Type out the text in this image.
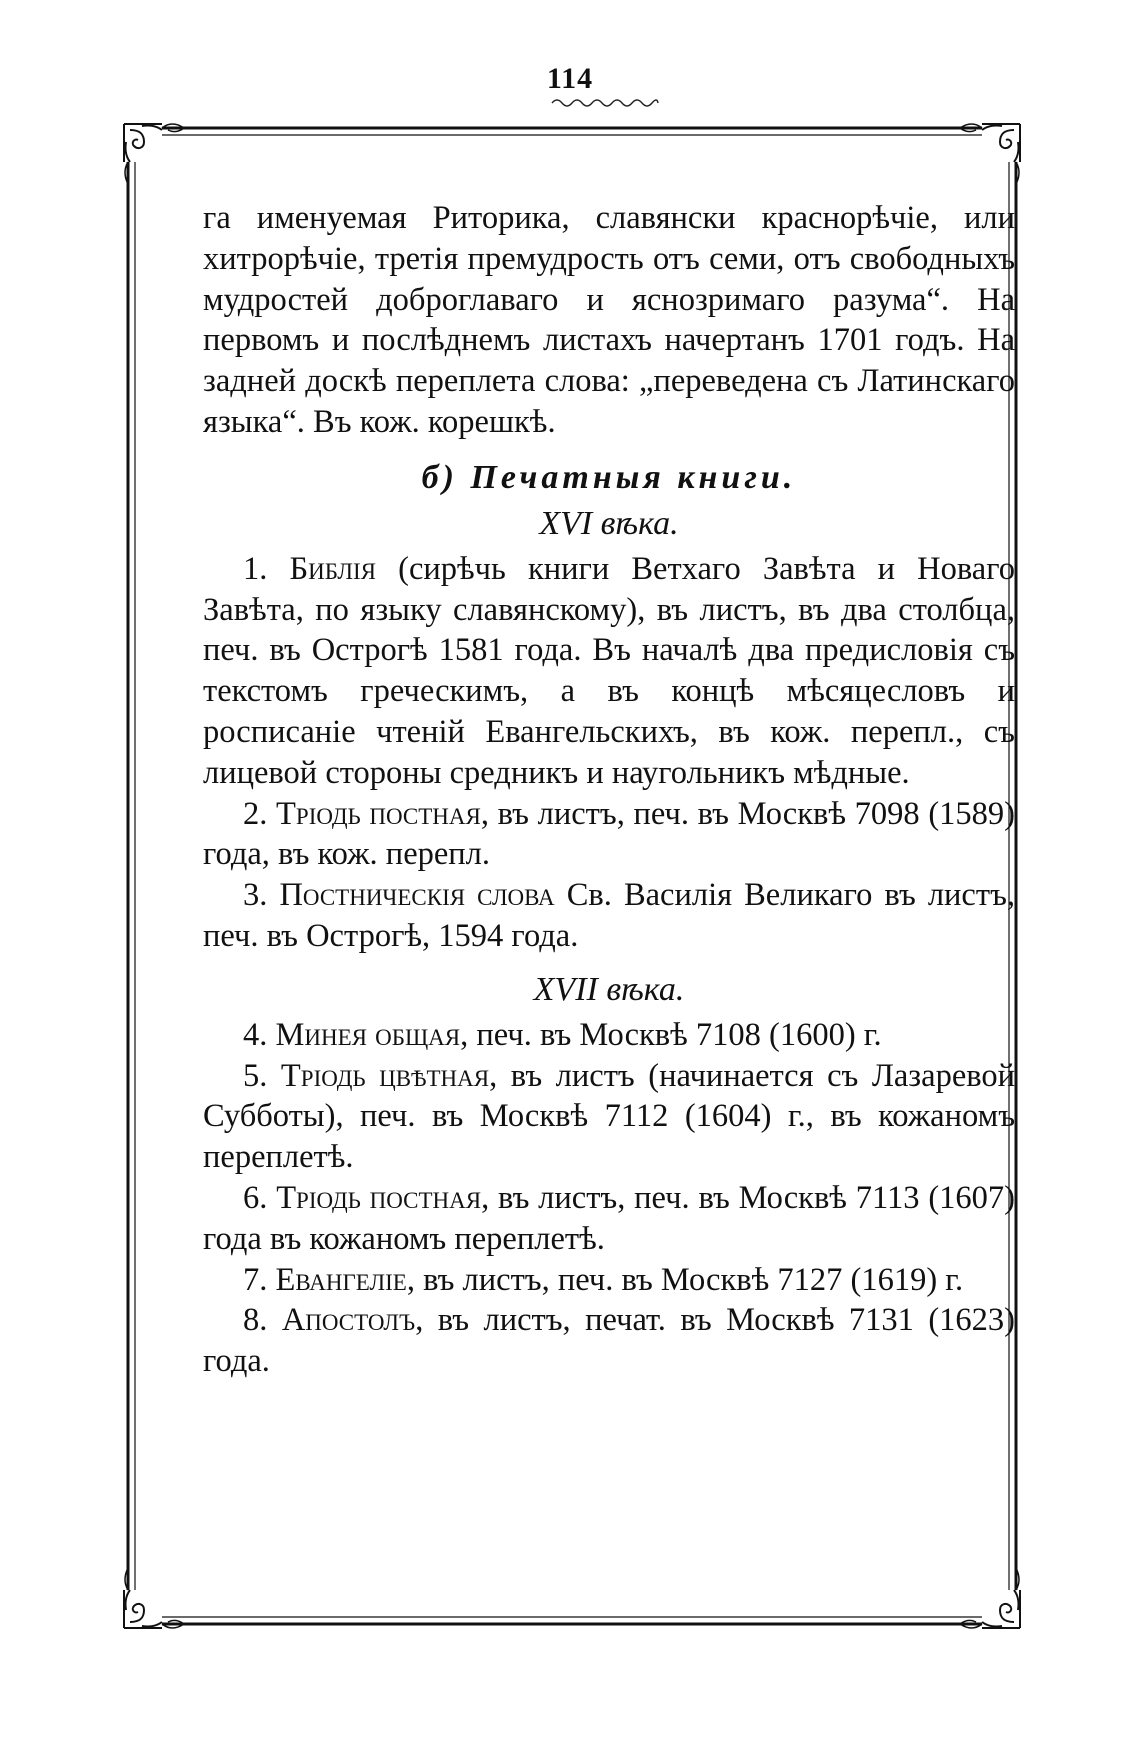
114

га именуемая Риторика, славянски краснорѣчіе, или хитрорѣчіе, третія премудрость отъ семи, отъ свободныхъ мудростей доброглаваго и яснозримаго разума“. На первомъ и послѣднемъ листахъ начертанъ 1701 годъ. На задней доскѣ переплета слова: „переведена съ Латинскаго языка“. Въ кож. корешкѣ.

б) Печатныя книги.

XVI вѣка.

1. Библія (сирѣчь книги Ветхаго Завѣта и Новаго Завѣта, по языку славянскому), въ листъ, въ два столбца, печ. въ Острогѣ 1581 года. Въ началѣ два предисловія съ текстомъ греческимъ, а въ концѣ мѣсяцесловъ и росписаніе чтеній Евангельскихъ, въ кож. перепл., съ лицевой стороны средникъ и наугольникъ мѣдные.

2. Тріодь постная, въ листъ, печ. въ Москвѣ 7098 (1589) года, въ кож. перепл.

3. Постническія слова Св. Василія Великаго въ листъ, печ. въ Острогѣ, 1594 года.

XVII вѣка.

4. Минея общая, печ. въ Москвѣ 7108 (1600) г.

5. Тріодь цвѣтная, въ листъ (начинается съ Лазаревой Субботы), печ. въ Москвѣ 7112 (1604) г., въ кожаномъ переплетѣ.

6. Тріодь постная, въ листъ, печ. въ Москвѣ 7113 (1607) года въ кожаномъ переплетѣ.

7. Евангеліе, въ листъ, печ. въ Москвѣ 7127 (1619) г.

8. Апостолъ, въ листъ, печат. въ Москвѣ 7131 (1623) года.
